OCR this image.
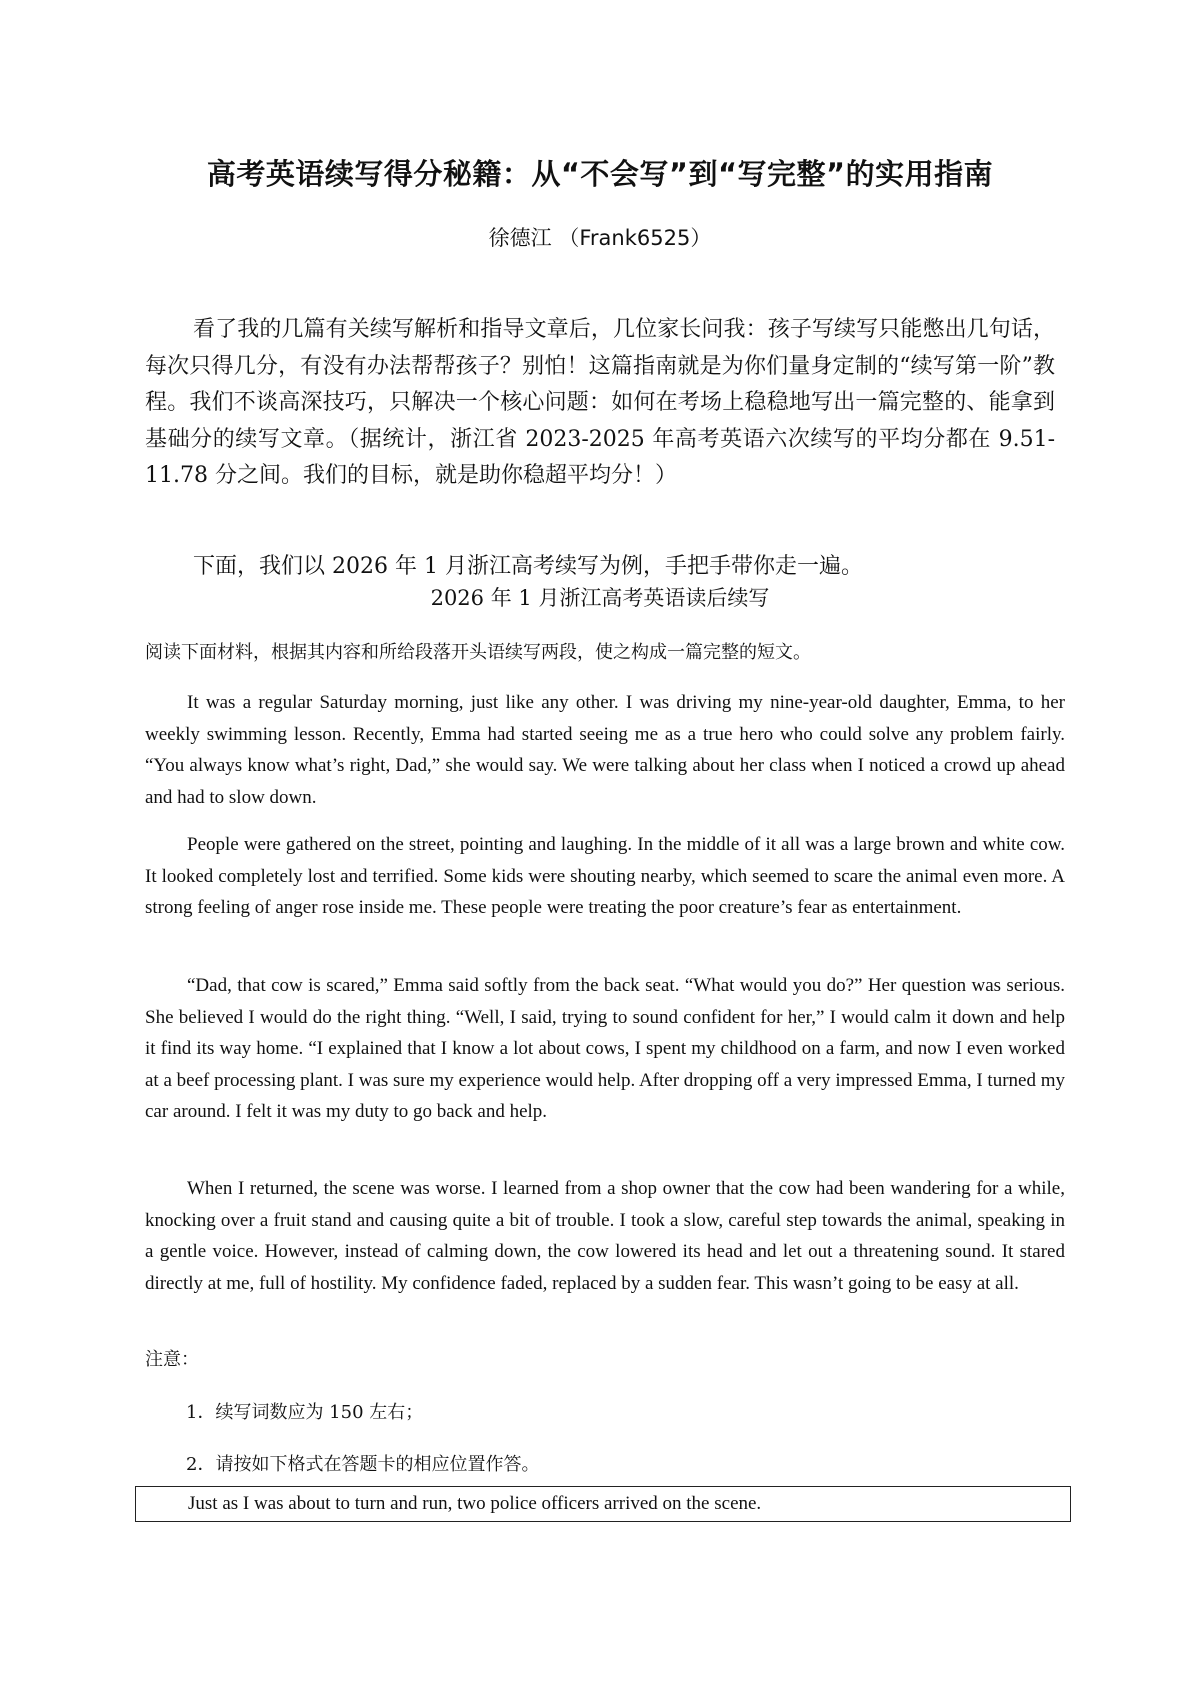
高考英语续写得分秘籍：从“不会写”到“写完整”的实用指南

徐德江 （Frank6525）

看了我的几篇有关续写解析和指导文章后，几位家长问我：孩子写续写只能憋出几句话，每次只得几分，有没有办法帮帮孩子？别怕！这篇指南就是为你们量身定制的“续写第一阶”教程。我们不谈高深技巧，只解决一个核心问题：如何在考场上稳稳地写出一篇完整的、能拿到基础分的续写文章。（据统计，浙江省 2023-2025 年高考英语六次续写的平均分都在 9.51-11.78 分之间。我们的目标，就是助你稳超平均分！）

下面，我们以 2026 年 1 月浙江高考续写为例，手把手带你走一遍。

2026 年 1 月浙江高考英语读后续写

阅读下面材料，根据其内容和所给段落开头语续写两段，使之构成一篇完整的短文。

It was a regular Saturday morning, just like any other. I was driving my nine-year-old daughter, Emma, to her weekly swimming lesson. Recently, Emma had started seeing me as a true hero who could solve any problem fairly. “You always know what’s right, Dad,” she would say. We were talking about her class when I noticed a crowd up ahead and had to slow down.

People were gathered on the street, pointing and laughing. In the middle of it all was a large brown and white cow. It looked completely lost and terrified. Some kids were shouting nearby, which seemed to scare the animal even more. A strong feeling of anger rose inside me. These people were treating the poor creature’s fear as entertainment.

“Dad, that cow is scared,” Emma said softly from the back seat. “What would you do?” Her question was serious. She believed I would do the right thing. “Well, I said, trying to sound confident for her,” I would calm it down and help it find its way home. “I explained that I know a lot about cows, I spent my childhood on a farm, and now I even worked at a beef processing plant. I was sure my experience would help. After dropping off a very impressed Emma, I turned my car around. I felt it was my duty to go back and help.

When I returned, the scene was worse. I learned from a shop owner that the cow had been wandering for a while, knocking over a fruit stand and causing quite a bit of trouble. I took a slow, careful step towards the animal, speaking in a gentle voice. However, instead of calming down, the cow lowered its head and let out a threatening sound. It stared directly at me, full of hostility. My confidence faded, replaced by a sudden fear. This wasn’t going to be easy at all.

注意：

1．续写词数应为 150 左右；

2．请按如下格式在答题卡的相应位置作答。

Just as I was about to turn and run, two police officers arrived on the scene.
